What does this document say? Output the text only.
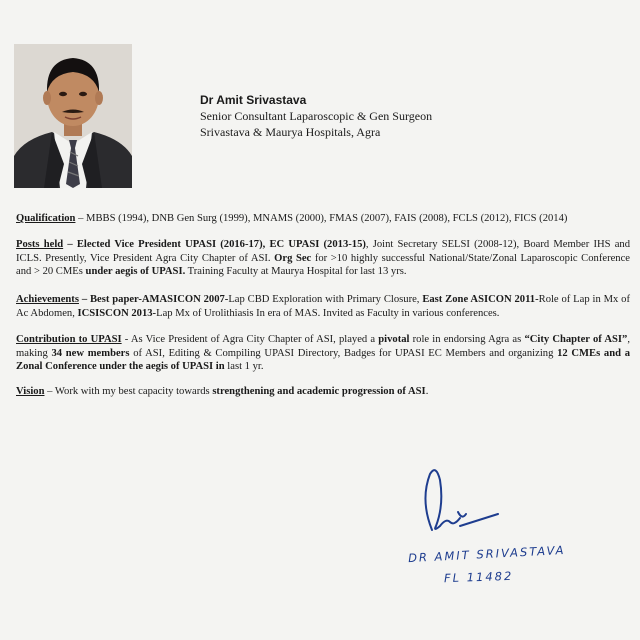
Dr Amit Srivastava
Senior Consultant Laparoscopic & Gen Surgeon
Srivastava & Maurya Hospitals, Agra
Qualification – MBBS (1994), DNB Gen Surg (1999), MNAMS (2000), FMAS (2007), FAIS (2008), FCLS (2012), FICS (2014)
Posts held – Elected Vice President UPASI (2016-17), EC UPASI (2013-15), Joint Secretary SELSI (2008-12), Board Member IHS and ICLS. Presently, Vice President Agra City Chapter of ASI. Org Sec for >10 highly successful National/State/Zonal Laparoscopic Conference and > 20 CMEs under aegis of UPASI. Training Faculty at Maurya Hospital for last 13 yrs.
Achievements – Best paper-AMASICON 2007-Lap CBD Exploration with Primary Closure, East Zone ASICON 2011-Role of Lap in Mx of Ac Abdomen, ICSISCON 2013-Lap Mx of Urolithiasis In era of MAS. Invited as Faculty in various conferences.
Contribution to UPASI - As Vice President of Agra City Chapter of ASI, played a pivotal role in endorsing Agra as “City Chapter of ASI”, making 34 new members of ASI, Editing & Compiling UPASI Directory, Badges for UPASI EC Members and organizing 12 CMEs and a Zonal Conference under the aegis of UPASI in last 1 yr.
Vision – Work with my best capacity towards strengthening and academic progression of ASI.
DR AMIT SRIVASTAVA
FL 11482
